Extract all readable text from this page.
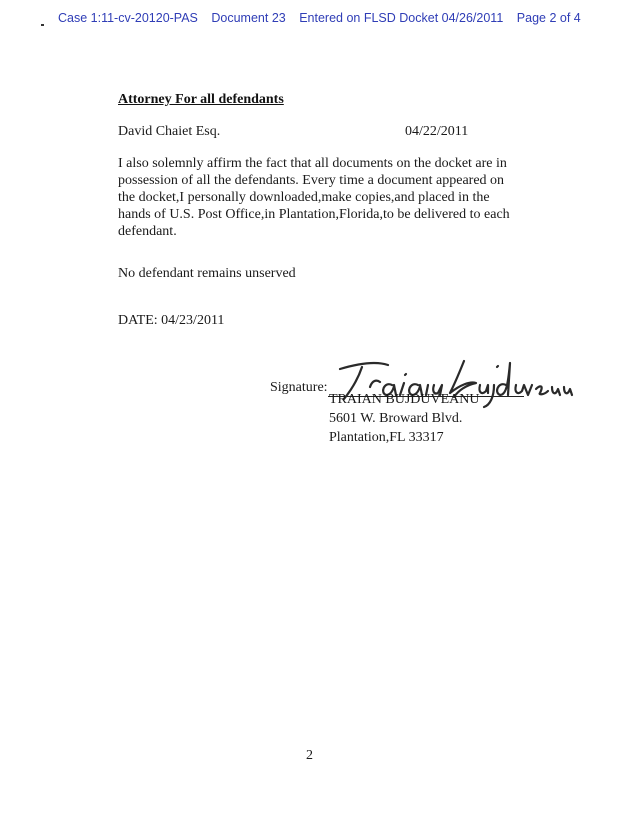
Case 1:11-cv-20120-PAS Document 23 Entered on FLSD Docket 04/26/2011 Page 2 of 4
Attorney For all defendants
David Chaiet Esq.	04/22/2011
I also solemnly affirm the fact that all documents on the docket are in
possession of all the defendants. Every time a document appeared on
the docket,I personally downloaded,make copies,and placed in the
hands of U.S. Post Office,in Plantation,Florida,to be delivered to each
defendant.
No defendant remains unserved
DATE: 04/23/2011
Signature:
TRAIAN BUJDUVEANU
5601 W. Broward Blvd.
Plantation,FL 33317
2
